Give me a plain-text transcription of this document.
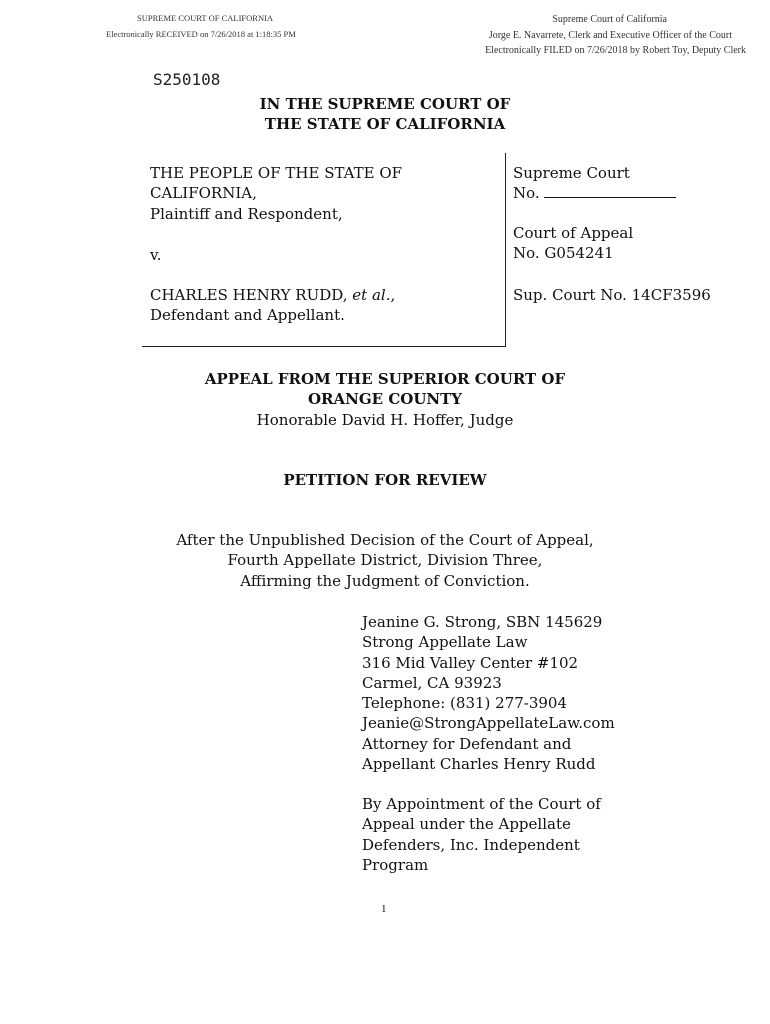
SUPREME COURT OF CALIFORNIA
Electronically RECEIVED on 7/26/2018 at 1:18:35 PM
Supreme Court of California
Jorge E. Navarrete, Clerk and Executive Officer of the Court
Electronically FILED on 7/26/2018 by Robert Toy, Deputy Clerk
S250108
IN THE SUPREME COURT OF
THE STATE OF CALIFORNIA
THE PEOPLE OF THE STATE OF
CALIFORNIA,
Plaintiff and Respondent,
v.
CHARLES HENRY RUDD, et al.,
Defendant and Appellant.
Supreme Court
No.
Court of Appeal
No. G054241
Sup. Court No. 14CF3596
APPEAL FROM THE SUPERIOR COURT OF
ORANGE COUNTY
Honorable David H. Hoffer, Judge
PETITION FOR REVIEW
After the Unpublished Decision of the Court of Appeal,
Fourth Appellate District, Division Three,
Affirming the Judgment of Conviction.
Jeanine G. Strong, SBN 145629
Strong Appellate Law
316 Mid Valley Center #102
Carmel, CA 93923
Telephone: (831) 277-3904
Jeanie@StrongAppellateLaw.com
Attorney for Defendant and
Appellant Charles Henry Rudd
By Appointment of the Court of
Appeal under the Appellate
Defenders, Inc. Independent
Program
1
